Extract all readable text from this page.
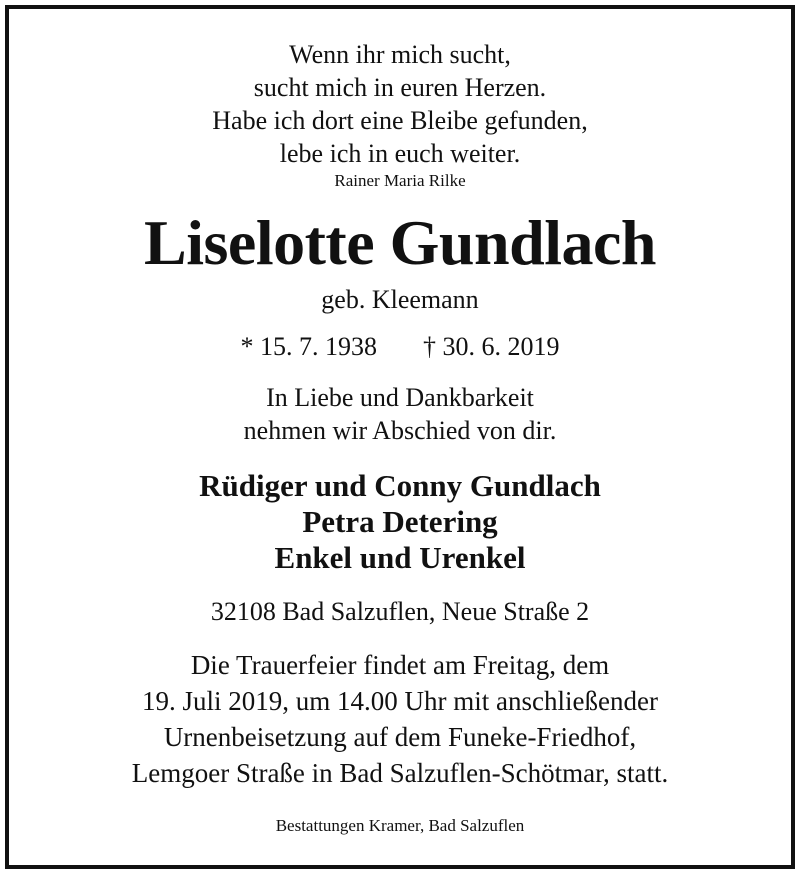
Wenn ihr mich sucht,
sucht mich in euren Herzen.
Habe ich dort eine Bleibe gefunden,
lebe ich in euch weiter.
Rainer Maria Rilke
Liselotte Gundlach
geb. Kleemann
* 15. 7. 1938 † 30. 6. 2019
In Liebe und Dankbarkeit
nehmen wir Abschied von dir.
Rüdiger und Conny Gundlach
Petra Detering
Enkel und Urenkel
32108 Bad Salzuflen, Neue Straße 2
Die Trauerfeier findet am Freitag, dem
19. Juli 2019, um 14.00 Uhr mit anschließender
Urnenbeisetzung auf dem Funeke-Friedhof,
Lemgoer Straße in Bad Salzuflen-Schötmar, statt.
Bestattungen Kramer, Bad Salzuflen
